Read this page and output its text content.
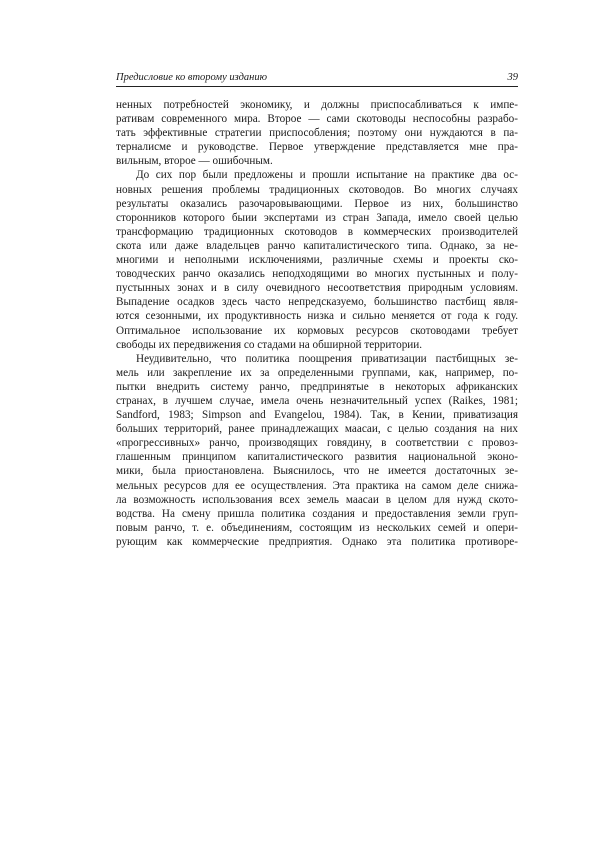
Предисловие ко второму изданию	39

ненных потребностей экономику, и должны приспосабливаться к импе-
ративам современного мира. Второе — сами скотоводы неспособны разрабо-
тать эффективные стратегии приспособления; поэтому они нуждаются в па-
терналисме и руководстве. Первое утверждение представляется мне пра-
вильным, второе — ошибочным.

До сих пор были предложены и прошли испытание на практике два ос-
новных решения проблемы традиционных скотоводов. Во многих случаях
результаты оказались разочаровывающими. Первое из них, большинство
сторонников которого быии экспертами из стран Запада, имело своей целью
трансформацию традиционных скотоводов в коммерческих производителей
скота или даже владельцев ранчо капиталистического типа. Однако, за не-
многими и неполными исключениями, различные схемы и проекты ско-
товодческих ранчо оказались неподходящими во многих пустынных и полу-
пустынных зонах и в силу очевидного несоответствия природным условиям.
Выпадение осадков здесь часто непредсказуемо, большинство пастбищ явля-
ются сезонными, их продуктивность низка и сильно меняется от года к году.
Оптимальное использование их кормовых ресурсов скотоводами требует
свободы их передвижения со стадами на обширной территории.

Неудивительно, что политика поощрения приватизации пастбищных зе-
мель или закрепление их за определенными группами, как, например, по-
пытки внедрить систему ранчо, предпринятые в некоторых африканских
странах, в лучшем случае, имела очень незначительный успех (Raikes, 1981;
Sandford, 1983; Simpson and Evangelou, 1984). Так, в Кении, приватизация
больших территорий, ранее принадлежащих маасаи, с целью создания на них
«прогрессивных» ранчо, производящих говядину, в соответствии с провоз-
глашенным принципом капиталистического развития национальной эконо-
мики, была приостановлена. Выяснилось, что не имеется достаточных зе-
мельных ресурсов для ее осуществления. Эта практика на самом деле снижа-
ла возможность использования всех земель маасаи в целом для нужд ското-
водства. На смену пришла политика создания и предоставления земли груп-
повым ранчо, т. е. объединениям, состоящим из нескольких семей и опери-
рующим как коммерческие предприятия. Однако эта политика противоре-
